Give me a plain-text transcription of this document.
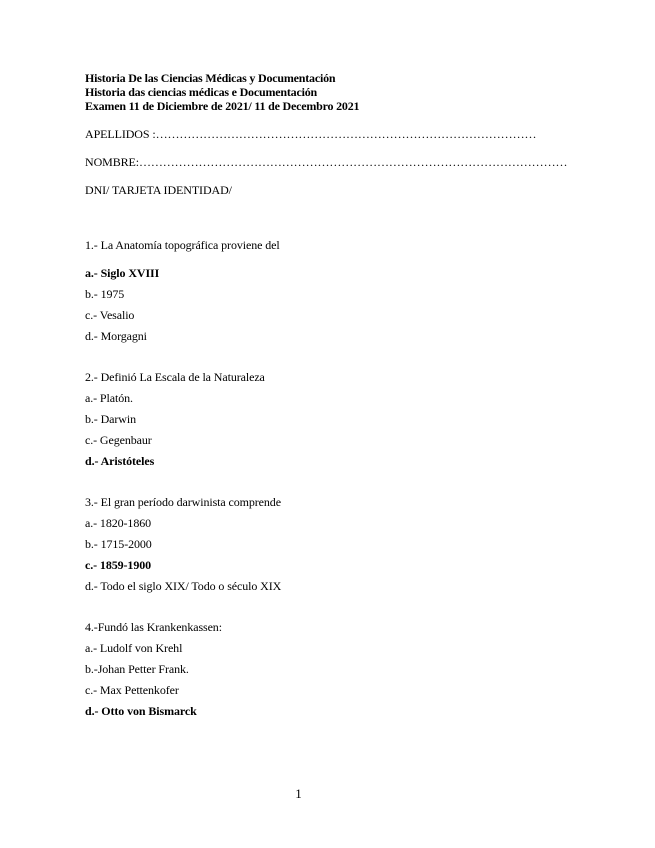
Historia De las Ciencias Médicas y Documentación
Historia das ciencias médicas e Documentación
Examen 11 de Diciembre de 2021/ 11 de Decembro 2021
APELLIDOS :……………………………………………………………………………………
NOMBRE:………………………………………………………………………………………………
DNI/ TARJETA IDENTIDAD/
1.- La Anatomía topográfica proviene del
a.- Siglo XVIII
b.- 1975
c.- Vesalio
d.- Morgagni
2.- Definió La Escala de la Naturaleza
a.- Platón.
b.- Darwin
c.- Gegenbaur
d.- Aristóteles
3.- El gran período darwinista comprende
a.- 1820-1860
b.- 1715-2000
c.- 1859-1900
d.- Todo el siglo XIX/ Todo o século XIX
4.-Fundó las Krankenkassen:
a.- Ludolf von Krehl
b.-Johan Petter Frank.
c.- Max Pettenkofer
d.- Otto von Bismarck
1
